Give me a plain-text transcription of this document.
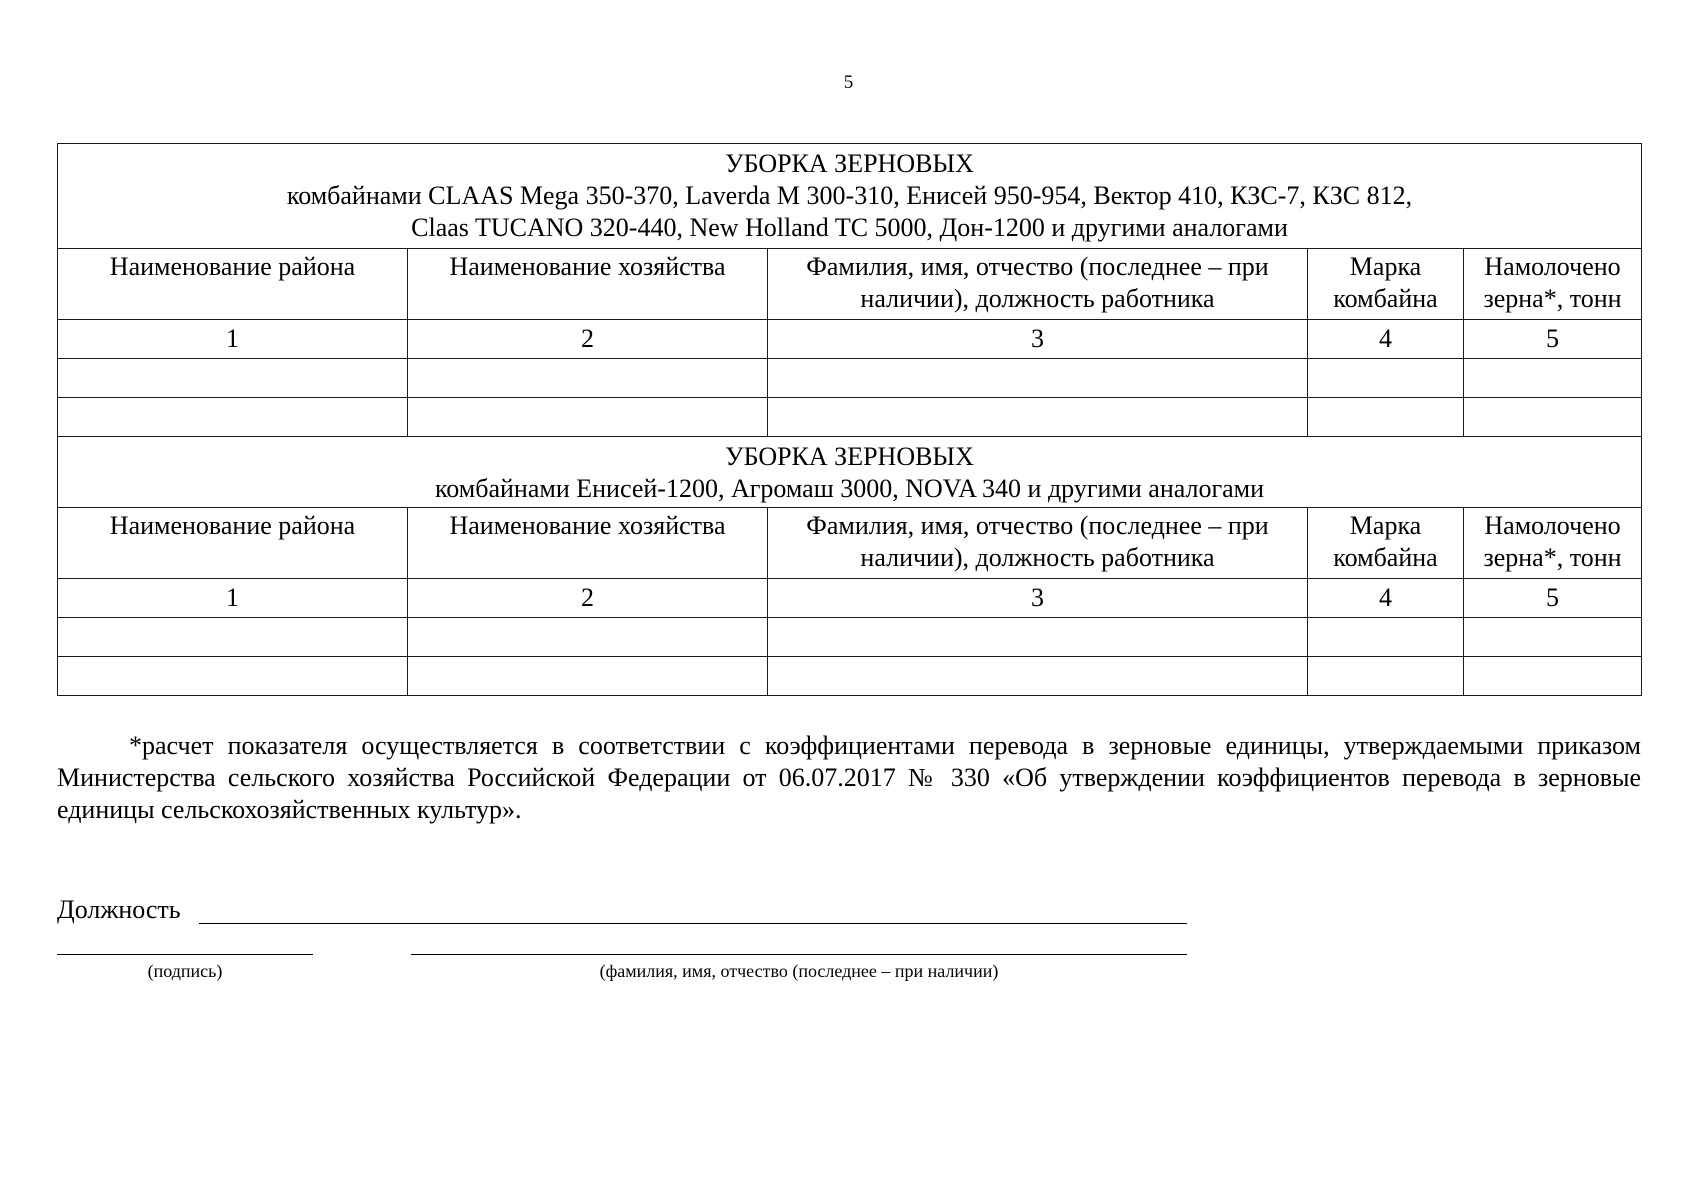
5
УБОРКА ЗЕРНОВЫХ
комбайнами CLAAS Mega 350-370, Laverda M 300-310, Енисей 950-954, Вектор 410, КЗС-7, КЗС 812,
Claas TUCANO 320-440, New Holland TC 5000, Дон-1200 и другими аналогами				

Наименование района	Наименование хозяйства	Фамилия, имя, отчество (последнее – при наличии), должность работника	Марка комбайна	Намолочено зерна*, тонн
1	2	3	4	5

УБОРКА ЗЕРНОВЫХ
комбайнами Енисей-1200, Агромаш 3000, NOVA 340 и другими аналогами				

Наименование района	Наименование хозяйства	Фамилия, имя, отчество (последнее – при наличии), должность работника	Марка комбайна	Намолочено зерна*, тонн
1	2	3	4	5

*расчет показателя осуществляется в соответствии с коэффициентами перевода в зерновые единицы, утверждаемыми приказом Министерства сельского хозяйства Российской Федерации от 06.07.2017 № 330 «Об утверждении коэффициентов перевода в зерновые единицы сельскохозяйственных культур».

Должность
(подпись)	(фамилия, имя, отчество (последнее – при наличии)
